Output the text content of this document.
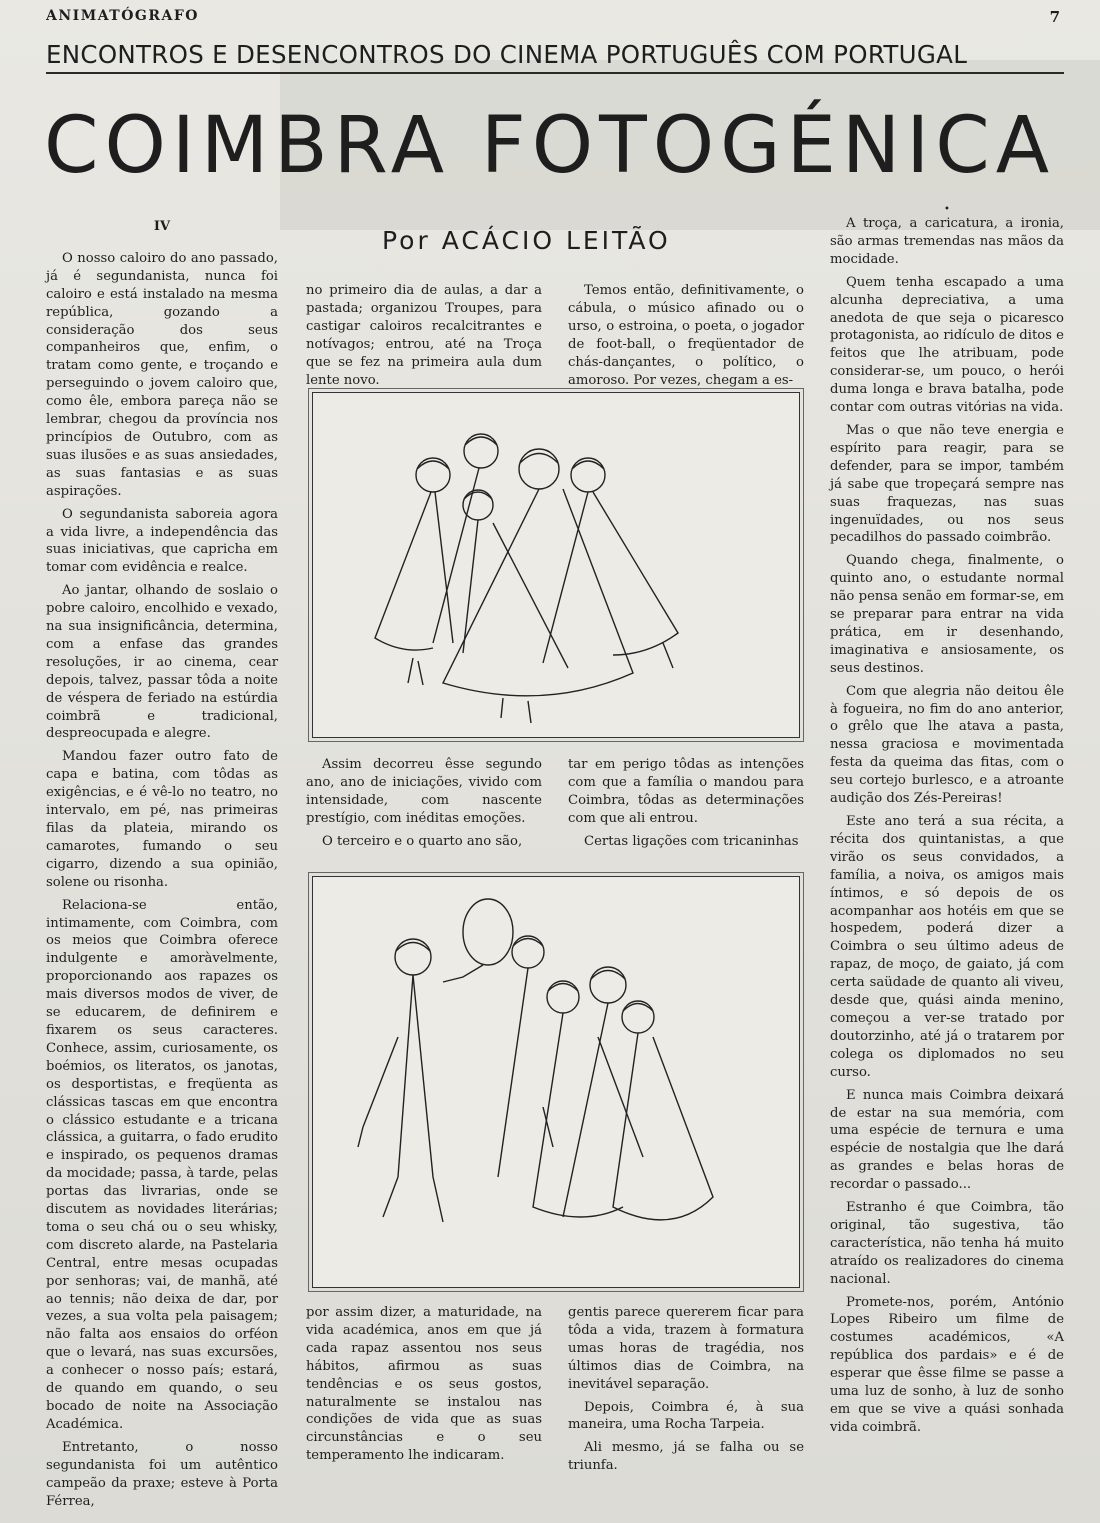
ANIMATÓGRAFO	7
ENCONTROS E DESENCONTROS DO CINEMA PORTUGUÊS COM PORTUGAL
COIMBRA FOTOGÉNICA
Por ACÁCIO LEITÃO
IV

O nosso caloiro do ano passado, já é segundanista, nunca foi caloiro e está instalado na mesma república, gozando a consideração dos seus companheiros que, enfim, o tratam como gente, e troçando e perseguindo o jovem caloiro que, como êle, embora pareça não se lembrar, chegou da província nos princípios de Outubro, com as suas ilusões e as suas ansiedades, as suas fantasias e as suas aspirações.

O segundanista saboreia agora a vida livre, a independência das suas iniciativas, que capricha em tomar com evidência e realce.

Ao jantar, olhando de soslaio o pobre caloiro, encolhido e vexado, na sua insignificância, determina, com a enfase das grandes resoluções, ir ao cinema, cear depois, talvez, passar tôda a noite de véspera de feriado na estúrdia coimbrã e tradicional, despreocupada e alegre.

Mandou fazer outro fato de capa e batina, com tôdas as exigências, e é vê-lo no teatro, no intervalo, em pé, nas primeiras filas da plateia, mirando os camarotes, fumando o seu cigarro, dizendo a sua opinião, solene ou risonha.

Relaciona-se então, intimamente, com Coimbra, com os meios que Coimbra oferece indulgente e amoràvelmente, proporcionando aos rapazes os mais diversos modos de viver, de se educarem, de definirem e fixarem os seus caracteres. Conhece, assim, curiosamente, os boémios, os literatos, os janotas, os desportistas, e freqüenta as clássicas tascas em que encontra o clássico estudante e a tricana clássica, a guitarra, o fado erudito e inspirado, os pequenos dramas da mocidade; passa, à tarde, pelas portas das livrarias, onde se discutem as novidades literárias; toma o seu chá ou o seu whisky, com discreto alarde, na Pastelaria Central, entre mesas ocupadas por senhoras; vai, de manhã, até ao tennis; não deixa de dar, por vezes, a sua volta pela paisagem; não falta aos ensaios do orféon que o levará, nas suas excursões, a conhecer o nosso país; estará, de quando em quando, o seu bocado de noite na Associação Académica.

Entretanto, o nosso segundanista foi um autêntico campeão da praxe; esteve à Porta Férrea,

no primeiro dia de aulas, a dar a pastada; organizou Troupes, para castigar caloiros recalcitrantes e notívagos; entrou, até na Troça que se fez na primeira aula dum lente novo.

Temos então, definitivamente, o cábula, o músico afinado ou o urso, o estroina, o poeta, o jogador de foot-ball, o freqüentador de chás-dançantes, o político, o amoroso. Por vezes, chegam a es-

Assim decorreu êsse segundo ano, ano de iniciações, vivido com intensidade, com nascente prestígio, com inéditas emoções.

O terceiro e o quarto ano são,

tar em perigo tôdas as intenções com que a família o mandou para Coimbra, tôdas as determinações com que ali entrou.

Certas ligações com tricaninhas

por assim dizer, a maturidade, na vida académica, anos em que já cada rapaz assentou nos seus hábitos, afirmou as suas tendências e os seus gostos, naturalmente se instalou nas condições de vida que as suas circunstâncias e o seu temperamento lhe indicaram.

gentis parece quererem ficar para tôda a vida, trazem à formatura umas horas de tragédia, nos últimos dias de Coimbra, na inevitável separação.

Depois, Coimbra é, à sua maneira, uma Rocha Tarpeia.

Ali mesmo, já se falha ou se triunfa.

•

A troça, a caricatura, a ironia, são armas tremendas nas mãos da mocidade.

Quem tenha escapado a uma alcunha depreciativa, a uma anedota de que seja o picaresco protagonista, ao ridículo de ditos e feitos que lhe atribuam, pode considerar-se, um pouco, o herói duma longa e brava batalha, pode contar com outras vitórias na vida.

Mas o que não teve energia e espírito para reagir, para se defender, para se impor, também já sabe que tropeçará sempre nas suas fraquezas, nas suas ingenuïdades, ou nos seus pecadilhos do passado coimbrão.

Quando chega, finalmente, o quinto ano, o estudante normal não pensa senão em formar-se, em se preparar para entrar na vida prática, em ir desenhando, imaginativa e ansiosamente, os seus destinos.

Com que alegria não deitou êle à fogueira, no fim do ano anterior, o grêlo que lhe atava a pasta, nessa graciosa e movimentada festa da queima das fitas, com o seu cortejo burlesco, e a atroante audição dos Zés-Pereiras!

Este ano terá a sua récita, a récita dos quintanistas, a que virão os seus convidados, a família, a noiva, os amigos mais íntimos, e só depois de os acompanhar aos hotéis em que se hospedem, poderá dizer a Coimbra o seu último adeus de rapaz, de moço, de gaiato, já com certa saüdade de quanto ali viveu, desde que, quási ainda menino, começou a ver-se tratado por doutorzinho, até já o tratarem por colega os diplomados no seu curso.

E nunca mais Coimbra deixará de estar na sua memória, com uma espécie de ternura e uma espécie de nostalgia que lhe dará as grandes e belas horas de recordar o passado...

Estranho é que Coimbra, tão original, tão sugestiva, tão característica, não tenha há muito atraído os realizadores do cinema nacional.

Promete-nos, porém, António Lopes Ribeiro um filme de costumes académicos, «A república dos pardais» e é de esperar que êsse filme se passe a uma luz de sonho, à luz de sonho em que se vive a quási sonhada vida coimbrã.
